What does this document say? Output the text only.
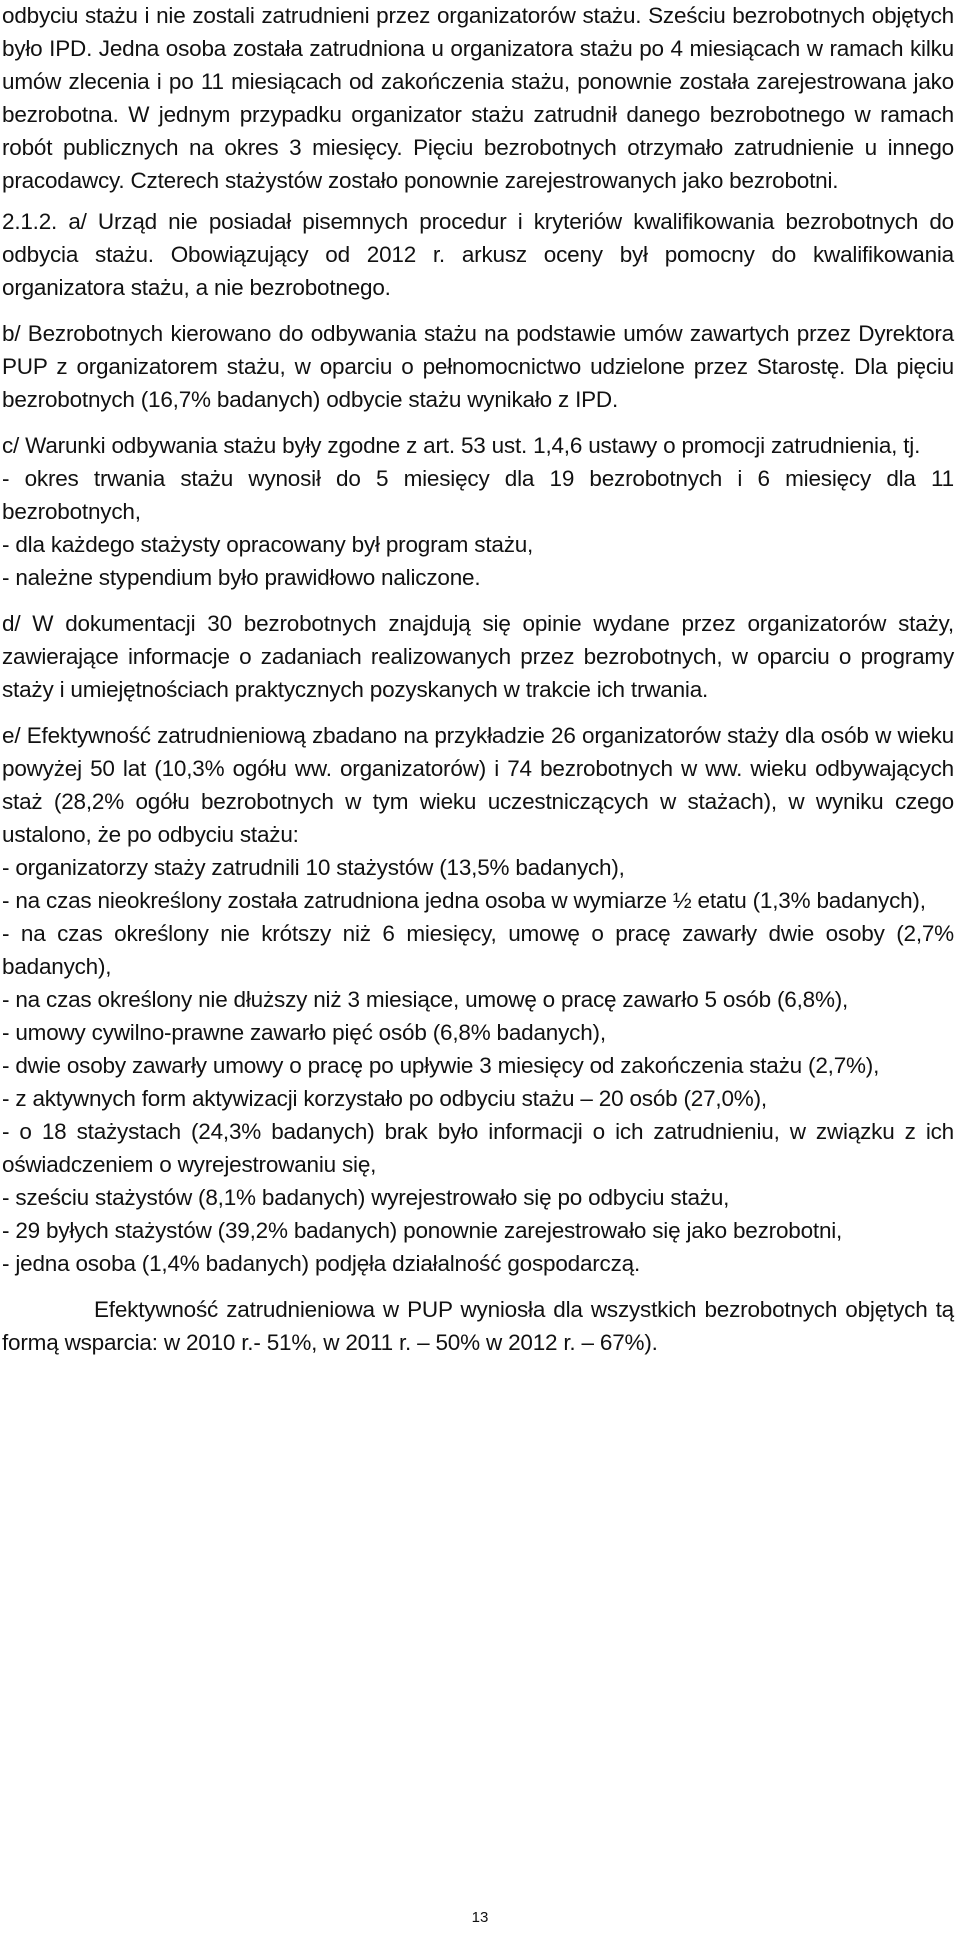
odbyciu stażu i nie zostali zatrudnieni przez organizatorów stażu. Sześciu bezrobotnych objętych było IPD. Jedna osoba została zatrudniona u organizatora stażu po 4 miesiącach w ramach kilku umów zlecenia i po 11 miesiącach od zakończenia stażu, ponownie została zarejestrowana jako bezrobotna. W jednym przypadku organizator stażu zatrudnił danego bezrobotnego w ramach robót publicznych na okres 3 miesięcy. Pięciu bezrobotnych otrzymało zatrudnienie u innego pracodawcy. Czterech stażystów zostało ponownie zarejestrowanych jako bezrobotni.

2.1.2. a/ Urząd nie posiadał pisemnych procedur i kryteriów kwalifikowania bezrobotnych do odbycia stażu. Obowiązujący od 2012 r. arkusz oceny był pomocny do kwalifikowania organizatora stażu, a nie bezrobotnego.

b/ Bezrobotnych kierowano do odbywania stażu na podstawie umów zawartych przez Dyrektora PUP z organizatorem stażu, w oparciu o pełnomocnictwo udzielone przez Starostę. Dla pięciu bezrobotnych (16,7% badanych) odbycie stażu wynikało z IPD.

c/ Warunki odbywania stażu były zgodne z art. 53 ust. 1,4,6 ustawy o promocji zatrudnienia, tj.

- okres trwania stażu wynosił do 5 miesięcy dla 19 bezrobotnych i 6 miesięcy dla 11 bezrobotnych,

- dla każdego stażysty opracowany był program stażu,

- należne stypendium było prawidłowo naliczone.

d/ W dokumentacji 30 bezrobotnych znajdują się opinie wydane przez organizatorów staży, zawierające informacje o zadaniach realizowanych przez bezrobotnych, w oparciu o programy staży i umiejętnościach praktycznych pozyskanych w trakcie ich trwania.

e/ Efektywność zatrudnieniową zbadano na przykładzie 26 organizatorów staży dla osób w wieku powyżej 50 lat (10,3% ogółu ww. organizatorów) i 74 bezrobotnych w ww. wieku odbywających staż (28,2% ogółu bezrobotnych w tym wieku uczestniczących w stażach), w wyniku czego ustalono, że po odbyciu stażu:

- organizatorzy staży zatrudnili 10 stażystów (13,5% badanych),

- na czas nieokreślony została zatrudniona jedna osoba w wymiarze ½ etatu (1,3% badanych),

- na czas określony nie krótszy niż 6 miesięcy, umowę o pracę zawarły dwie osoby (2,7% badanych),

- na czas określony nie dłuższy niż 3 miesiące, umowę o pracę zawarło 5 osób (6,8%),

- umowy cywilno-prawne zawarło pięć osób (6,8% badanych),

- dwie osoby zawarły umowy o pracę po upływie 3 miesięcy od zakończenia stażu (2,7%),

- z aktywnych form aktywizacji korzystało po odbyciu stażu – 20 osób (27,0%),

- o 18 stażystach (24,3% badanych) brak było informacji o ich zatrudnieniu, w związku z ich oświadczeniem o wyrejestrowaniu się,

- sześciu stażystów (8,1% badanych) wyrejestrowało się po odbyciu stażu,

- 29 byłych stażystów (39,2% badanych) ponownie zarejestrowało się jako bezrobotni,

- jedna osoba (1,4% badanych) podjęła działalność gospodarczą.

Efektywność zatrudnieniowa w PUP wyniosła dla wszystkich bezrobotnych objętych tą formą wsparcia: w 2010 r.- 51%, w 2011 r. – 50% w 2012 r. – 67%).

13
